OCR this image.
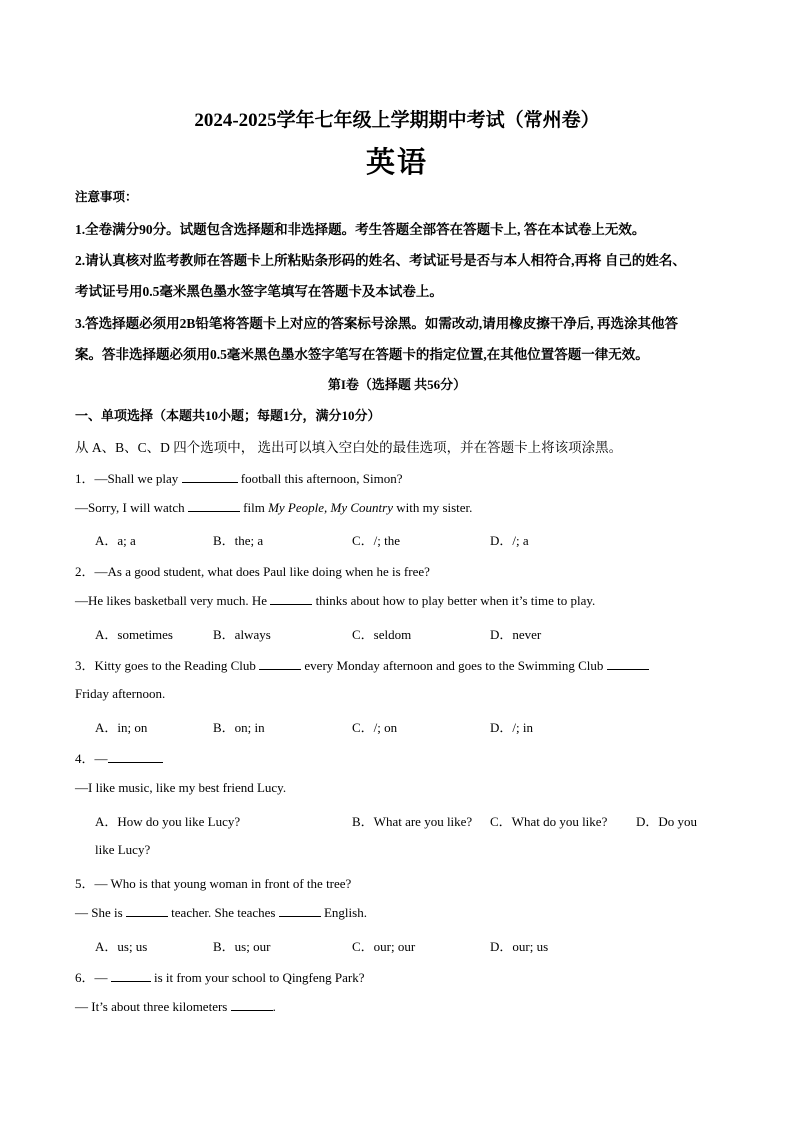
2024-2025学年七年级上学期期中考试（常州卷）
英语
注意事项：
1.全卷满分90分。试题包含选择题和非选择题。考生答题全部答在答题卡上, 答在本试卷上无效。
2.请认真核对监考教师在答题卡上所粘贴条形码的姓名、考试证号是否与本人相符合,再将 自己的姓名、
考试证号用0.5毫米黑色墨水签字笔填写在答题卡及本试卷上。
3.答选择题必须用2B铅笔将答题卡上对应的答案标号涂黑。如需改动,请用橡皮擦干净后, 再选涂其他答
案。答非选择题必须用0.5毫米黑色墨水签字笔写在答题卡的指定位置,在其他位置答题一律无效。
第I卷（选择题 共56分）
一、单项选择（本题共10小题；每题1分，满分10分）
从 A、B、C、D 四个选项中， 选出可以填入空白处的最佳选项，并在答题卡上将该项涂黑。
1．—Shall we play	football this afternoon, Simon?
—Sorry, I will watch	film My People, My Country with my sister.
A．a; a	B．the; a	C．/; the	D．/; a
2．—As a good student, what does Paul like doing when he is free?
—He likes basketball very much. He	thinks about how to play better when it’s time to play.
A．sometimes	B．always	C．seldom	D．never
3．Kitty goes to the Reading Club	every Monday afternoon and goes to the Swimming Club
Friday afternoon.
A．in; on	B．on; in	C．/; on	D．/; in
4．—
—I like music, like my best friend Lucy.
A．How do you like Lucy?	B．What are you like? C．What do you like? D．Do you
like Lucy?
5．— Who is that young woman in front of the tree?
— She is	teacher. She teaches	English.
A．us; us	B．us; our	C．our; our	D．our; us
6．—	is it from your school to Qingfeng Park?
— It’s about three kilometers	.
